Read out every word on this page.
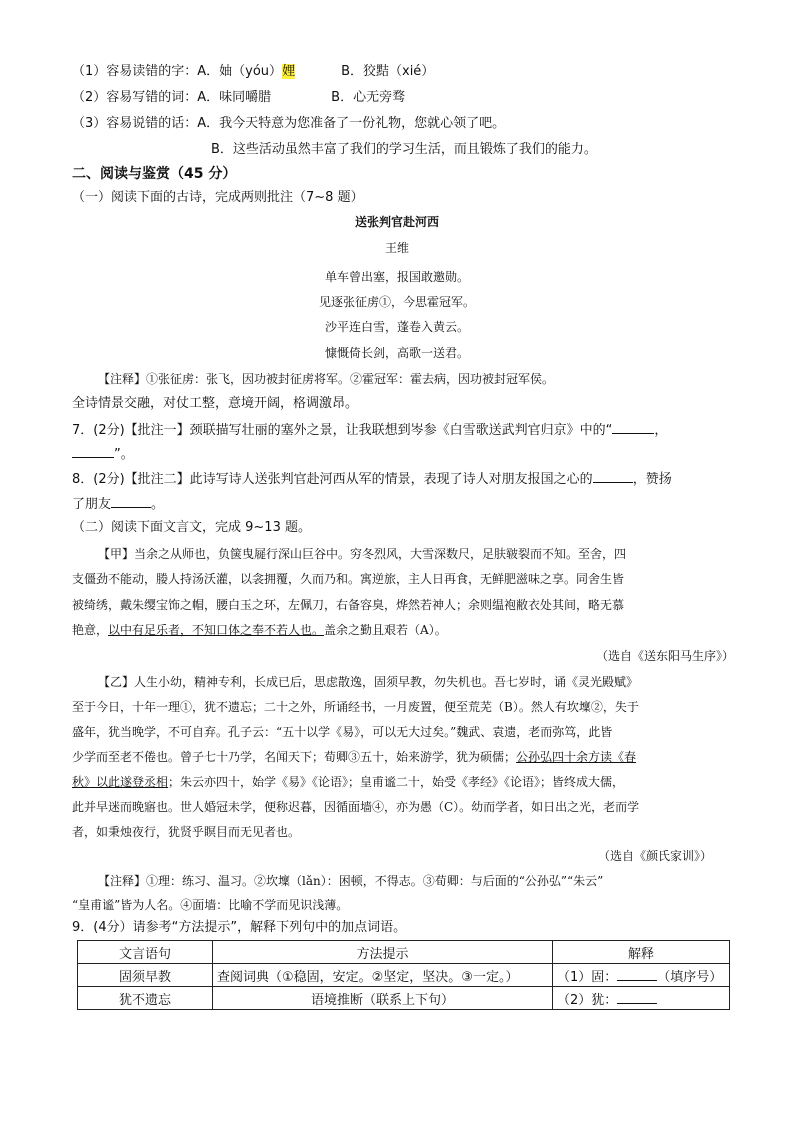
（1）容易读错的字：A．妯（yóu）娌	B．狡黠（xié）
（2）容易写错的词：A．味同嚼腊	B．心无旁骛
（3）容易说错的话：A．我今天特意为您准备了一份礼物，您就心领了吧。
B．这些活动虽然丰富了我们的学习生活，而且锻炼了我们的能力。
二、阅读与鉴赏（45 分）
（一）阅读下面的古诗，完成两则批注（7~8 题）
送张判官赴河西
王维
单车曾出塞，报国敢邀勋。
见逐张征虏①，今思霍冠军。
沙平连白雪，蓬卷入黄云。
慷慨倚长剑，高歌一送君。
【注释】①张征虏：张飞，因功被封征虏将军。②霍冠军：霍去病，因功被封冠军侯。
全诗情景交融，对仗工整，意境开阔，格调激昂。
7．(2分)【批注一】颈联描写壮丽的塞外之景，让我联想到岑参《白雪歌送武判官归京》中的“	，
”。
8．(2分)【批注二】此诗写诗人送张判官赴河西从军的情景，表现了诗人对朋友报国之心的	，赞扬
了朋友	。
（二）阅读下面文言文，完成 9~13 题。
【甲】当余之从师也，负箧曳屣行深山巨谷中。穷冬烈风，大雪深数尺，足肤皲裂而不知。至舍，四
支僵劲不能动，媵人持汤沃灌，以衾拥覆，久而乃和。寓逆旅，主人日再食，无鲜肥滋味之享。同舍生皆
被绮绣，戴朱缨宝饰之帽，腰白玉之环，左佩刀，右备容臭，烨然若神人；余则缊袍敝衣处其间，略无慕
艳意，以中有足乐者，不知口体之奉不若人也。盖余之勤且艰若（A）。
（选自《送东阳马生序》）
【乙】人生小幼，精神专利，长成已后，思虑散逸，固须早教，勿失机也。吾七岁时，诵《灵光殿赋》
至于今日，十年一理①，犹不遗忘；二十之外，所诵经书，一月废置，便至荒芜（B）。然人有坎壈②，失于
盛年，犹当晚学，不可自弃。孔子云：“五十以学《易》，可以无大过矣。”魏武、袁遗，老而弥笃，此皆
少学而至老不倦也。曾子七十乃学，名闻天下；荀卿③五十，始来游学，犹为硕儒；公孙弘四十余方读《春
秋》以此遂登丞相；朱云亦四十，始学《易》《论语》；皇甫谧二十，始受《孝经》《论语》；皆终成大儒，
此并早迷而晚寤也。世人婚冠未学，便称迟暮，因循面墙④，亦为愚（C）。幼而学者，如日出之光，老而学
者，如秉烛夜行，犹贤乎瞑目而无见者也。
（选自《颜氏家训》）
【注释】①理：练习、温习。②坎壈（lǎn）：困顿，不得志。③荀卿：与后面的“公孙弘”“朱云”
“皇甫谧”皆为人名。④面墙：比喻不学而见识浅薄。
9．(4分）请参考“方法提示”，解释下列句中的加点词语。
文言语句	方法提示	解释
固须早教	查阅词典（①稳固，安定。②坚定，坚决。③一定。）	（1）固： （填序号）
犹不遗忘	语境推断（联系上下句）	（2）犹：
